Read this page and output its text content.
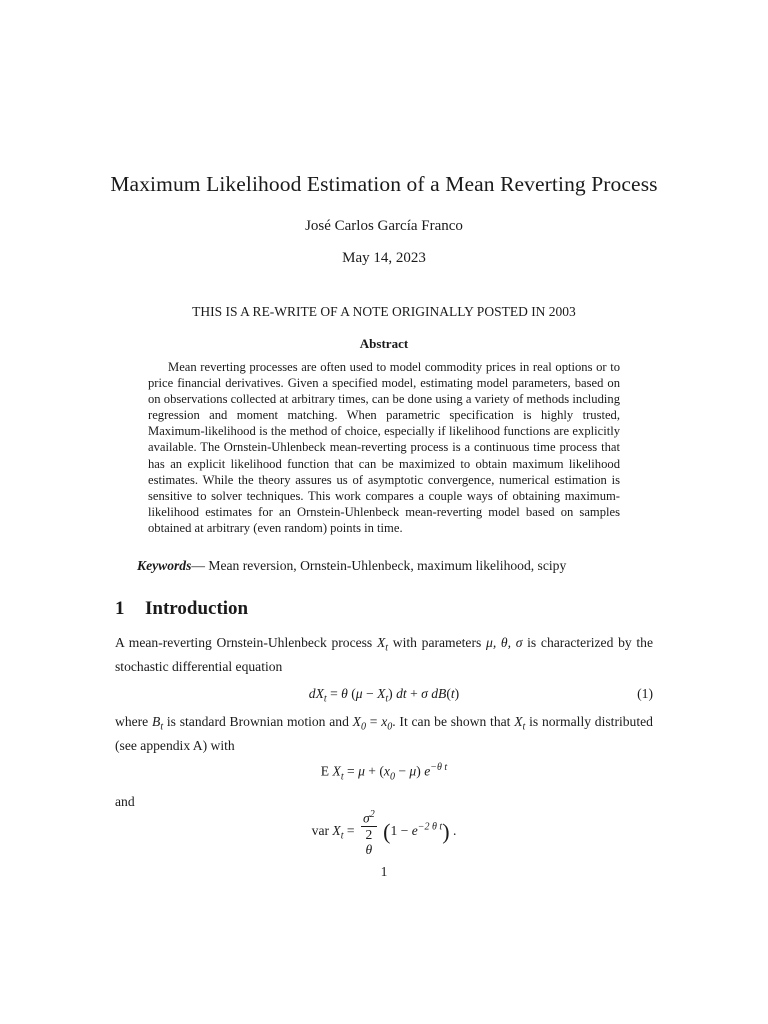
Maximum Likelihood Estimation of a Mean Reverting Process
José Carlos García Franco
May 14, 2023
THIS IS A RE-WRITE OF A NOTE ORIGINALLY POSTED IN 2003
Abstract

Mean reverting processes are often used to model commodity prices in real options or to price financial derivatives. Given a specified model, estimating model parameters, based on on observations collected at arbitrary times, can be done using a variety of methods including regression and moment matching. When parametric specification is highly trusted, Maximum-likelihood is the method of choice, especially if likelihood functions are explicitly available. The Ornstein-Uhlenbeck mean-reverting process is a continuous time process that has an explicit likelihood function that can be maximized to obtain maximum likelihood estimates. While the theory assures us of asymptotic convergence, numerical estimation is sensitive to solver techniques. This work compares a couple ways of obtaining maximum-likelihood estimates for an Ornstein-Uhlenbeck mean-reverting model based on samples obtained at arbitrary (even random) points in time.

Keywords— Mean reversion, Ornstein-Uhlenbeck, maximum likelihood, scipy
1 Introduction

A mean-reverting Ornstein-Uhlenbeck process $X_t$ with parameters μ, θ, σ is characterized by the stochastic differential equation

$dX_t = \theta$ $(\mu - X_t)$ dt + σ dB(t)	(1)

where $B_t$ is standard Brownian motion and $X_0 = x_0$. It can be shown that $X_t$ is normally distributed (see appendix A) with

E $X_t = \mu + (x_0 - \mu)$ $e^{-\theta t}$
and
var $X_t = \sigma^2$
2
θ $(1 - e^{-2 \theta t})$ .
1
